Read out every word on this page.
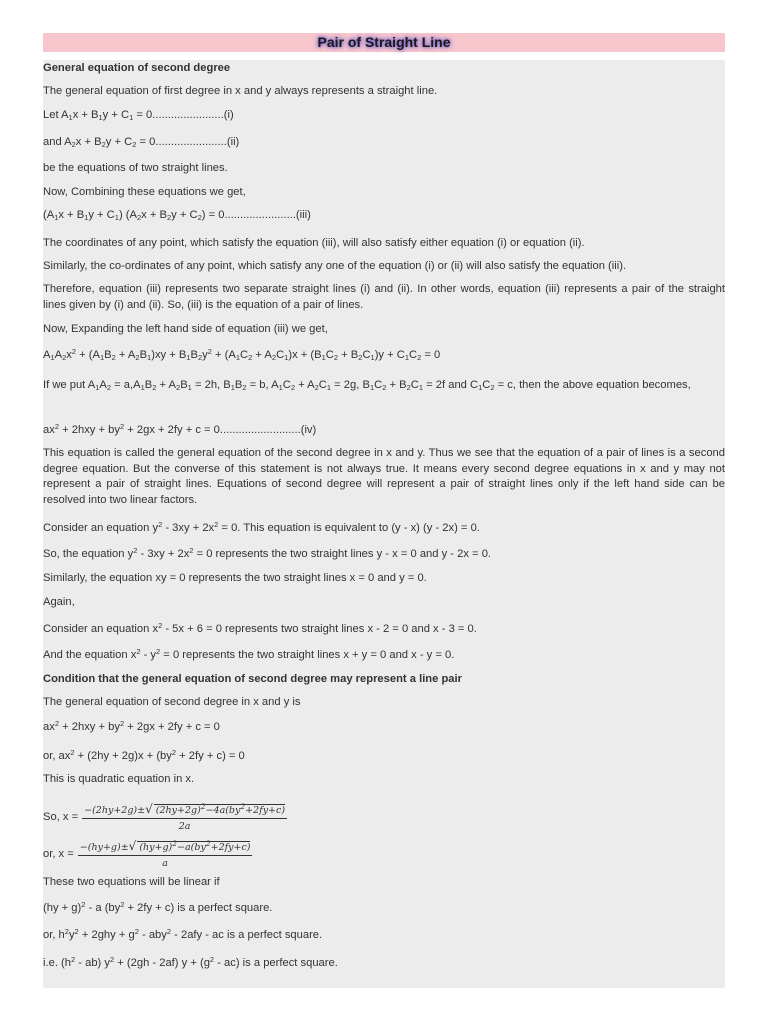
Pair of Straight Line
General equation of second degree
The general equation of first degree in x and y always represents a straight line.
Let $A_1x + B_1y + C_1 = 0.......................(i)$
and $A_2x + B_2y + C_2 = 0.......................(ii)$
be the equations of two straight lines.
Now, Combining these equations we get,
$(A_1x + B_1y + C_1) (A_2x + B_2y + C_2) = 0.......................(iii)$
The coordinates of any point, which satisfy the equation (iii), will also satisfy either equation (i) or equation (ii).
Similarly, the co-ordinates of any point, which satisfy any one of the equation (i) or (ii) will also satisfy the equation (iii).
Therefore, equation (iii) represents two separate straight lines (i) and (ii). In other words, equation (iii) represents a pair of the straight lines given by (i) and (ii). So, (iii) is the equation of a pair of lines.
Now, Expanding the left hand side of equation (iii) we get,
$A_1A_2x^2 + (A_1B_2 + A_2B_1)xy + B_1B_2y^2 + (A_1C_2 + A_2C_1)x + (B_1C_2 + B_2C_1)y + C_1C_2 = 0$
If we put $A_1A_2 = a,A_1B_2 + A_2B_1 = 2h$, $B_1B_2 = b$, $A_1C_2 + A_2C_1 = 2g$, $B_1C_2 + B_2C_1 = 2f$ and $C_1C_2 = c$, then the above equation becomes,
$ax^2 + 2hxy + by^2 + 2gx + 2fy + c = 0..........................(iv)$
This equation is called the general equation of the second degree in x and y. Thus we see that the equation of a pair of lines is a second degree equation. But the converse of this statement is not always true. It means every second degree equations in x and y may not represent a pair of straight lines. Equations of second degree will represent a pair of straight lines only if the left hand side can be resolved into two linear factors.
Consider an equation $y^2 - 3xy + 2x^2 = 0$. This equation is equivalent to (y - x) (y - 2x) = 0.
So, the equation $y^2 - 3xy + 2x^2 = 0$ represents the two straight lines y - x = 0 and y - 2x = 0.
Similarly, the equation xy = 0 represents the two straight lines x = 0 and y = 0.
Again,
Consider an equation $x^2 - 5x + 6 = 0$ represents two straight lines x - 2 = 0 and x - 3 = 0.
And the equation $x^2 - y^2 = 0$ represents the two straight lines x + y = 0 and x - y = 0.
Condition that the general equation of second degree may represent a line pair
The general equation of second degree in x and y is
$ax^2 + 2hxy + by^2 + 2gx + 2fy + c = 0$
or, $ax^2 + (2hy + 2g)x + (by^2 + 2fy + c) = 0$
This is quadratic equation in x.
So, $x = \frac{-(2hy+2g)\pm√ (2hy+2g)^2-4a(by^2+2fy+c)}{2a}$
or, $x = \frac{-(hy+g)\pm√ (hy+g)^2-a(by^2+2fy+c)}{a}$
These two equations will be linear if
(hy + g)$^2$ - a $(by^2 + 2fy + c)$ is a perfect square.
or, $h^2y^2 + 2ghy + g^2 - aby^2 - 2afy$ - ac is a perfect square.
i.e. $(h^2 - ab) y^2 + (2gh - 2af) y + (g^2 - ac)$ is a perfect square.
